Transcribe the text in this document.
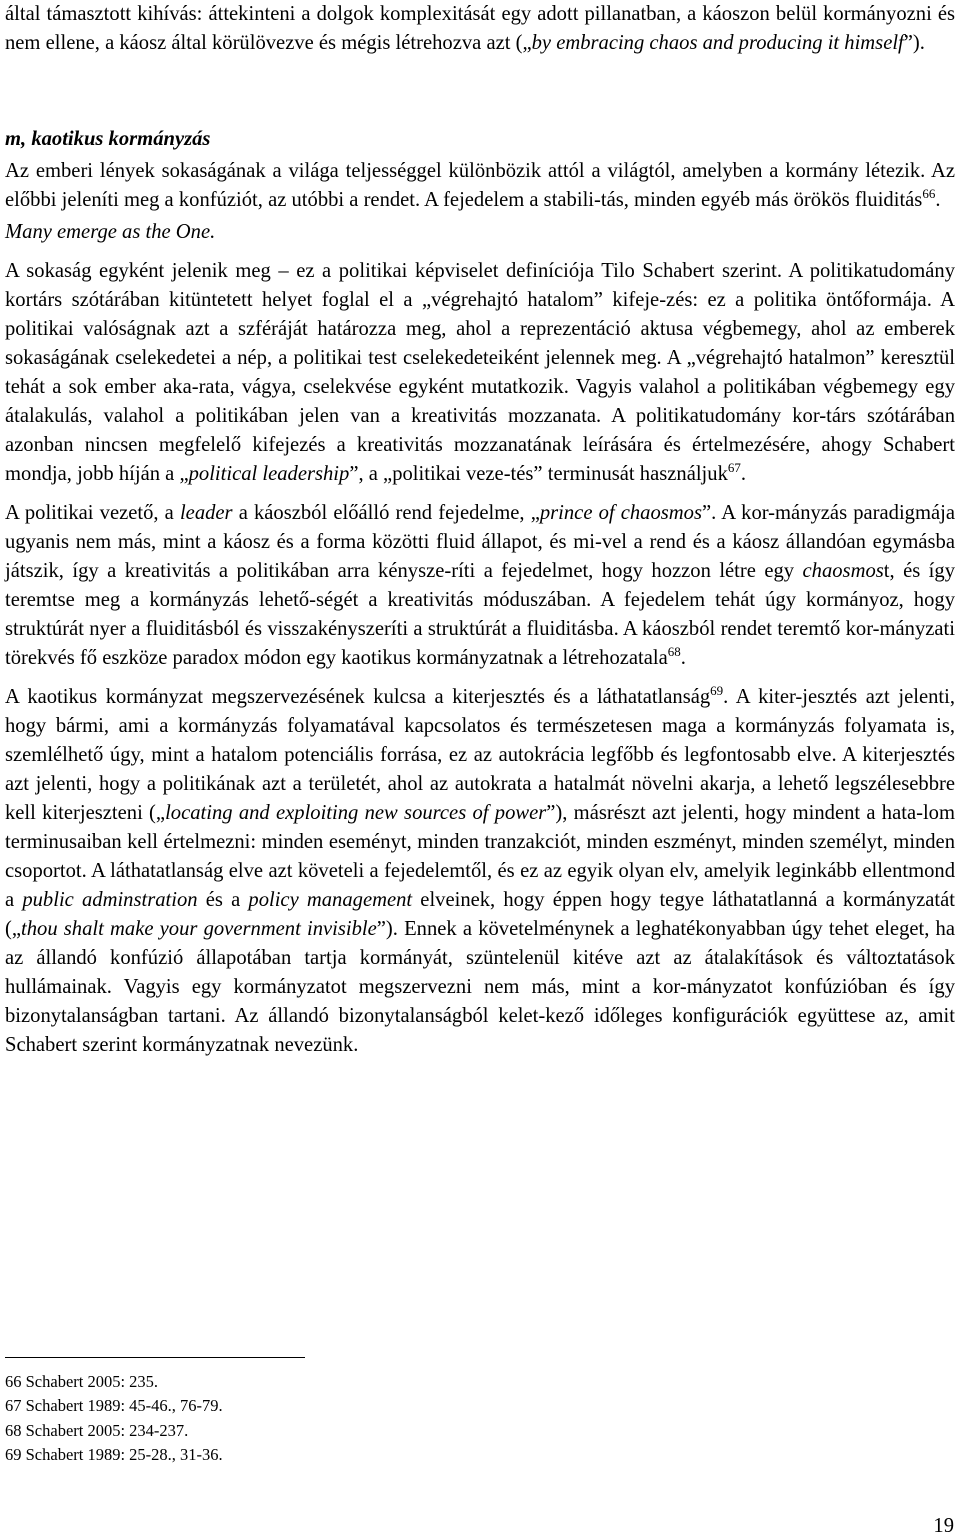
által támasztott kihívás: áttekinteni a dolgok komplexitását egy adott pillanatban, a káoszon belül kormányozni és nem ellene, a káosz által körülövezve és mégis létrehozva azt („by embracing chaos and producing it himself”).

m, kaotikus kormányzás

Az emberi lények sokaságának a világa teljességgel különbözik attól a világtól, amelyben a kormány létezik. Az előbbi jeleníti meg a konfúziót, az utóbbi a rendet. A fejedelem a stabili-tás, minden egyéb más örökös fluiditás$^{66}$.

Many emerge as the One.

A sokaság egyként jelenik meg – ez a politikai képviselet definíciója Tilo Schabert szerint. A politikatudomány kortárs szótárában kitüntetett helyet foglal el a „végrehajtó hatalom” kifeje-zés: ez a politika öntőformája. A politikai valóságnak azt a szféráját határozza meg, ahol a reprezentáció aktusa végbemegy, ahol az emberek sokaságának cselekedetei a nép, a politikai test cselekedeteiként jelennek meg. A „végrehajtó hatalmon” keresztül tehát a sok ember aka-rata, vágya, cselekvése egyként mutatkozik. Vagyis valahol a politikában végbemegy egy átalakulás, valahol a politikában jelen van a kreativitás mozzanata. A politikatudomány kor-társ szótárában azonban nincsen megfelelő kifejezés a kreativitás mozzanatának leírására és értelmezésére, ahogy Schabert mondja, jobb híján a „political leadership”, a „politikai veze-tés” terminusát használjuk$^{67}$.

A politikai vezető, a leader a káoszból előálló rend fejedelme, „prince of chaosmos”. A kor-mányzás paradigmája ugyanis nem más, mint a káosz és a forma közötti fluid állapot, és mi-vel a rend és a káosz állandóan egymásba játszik, így a kreativitás a politikában arra kénysze-ríti a fejedelmet, hogy hozzon létre egy chaosmost, és így teremtse meg a kormányzás lehető-ségét a kreativitás móduszában. A fejedelem tehát úgy kormányoz, hogy struktúrát nyer a fluiditásból és visszakényszeríti a struktúrát a fluiditásba. A káoszból rendet teremtő kor-mányzati törekvés fő eszköze paradox módon egy kaotikus kormányzatnak a létrehozatala$^{68}$.

A kaotikus kormányzat megszervezésének kulcsa a kiterjesztés és a láthatatlanság$^{69}$. A kiter-jesztés azt jelenti, hogy bármi, ami a kormányzás folyamatával kapcsolatos és természetesen maga a kormányzás folyamata is, szemlélhető úgy, mint a hatalom potenciális forrása, ez az autokrácia legfőbb és legfontosabb elve. A kiterjesztés azt jelenti, hogy a politikának azt a területét, ahol az autokrata a hatalmát növelni akarja, a lehető legszélesebbre kell kiterjeszteni („locating and exploiting new sources of power”), másrészt azt jelenti, hogy mindent a hata-lom terminusaiban kell értelmezni: minden eseményt, minden tranzakciót, minden eszményt, minden személyt, minden csoportot. A láthatatlanság elve azt követeli a fejedelemtől, és ez az egyik olyan elv, amelyik leginkább ellentmond a public adminstration és a policy management elveinek, hogy éppen hogy tegye láthatatlanná a kormányzatát („thou shalt make your government invisible”). Ennek a követelménynek a leghatékonyabban úgy tehet eleget, ha az állandó konfúzió állapotában tartja kormányát, szüntelenül kitéve azt az átalakítások és változtatások hullámainak. Vagyis egy kormányzatot megszervezni nem más, mint a kor-mányzatot konfúzióban és így bizonytalanságban tartani. Az állandó bizonytalanságból kelet-kező időleges konfigurációk együttese az, amit Schabert szerint kormányzatnak nevezünk.

66 Schabert 2005: 235.
67 Schabert 1989: 45-46., 76-79.
68 Schabert 2005: 234-237.
69 Schabert 1989: 25-28., 31-36.
19
